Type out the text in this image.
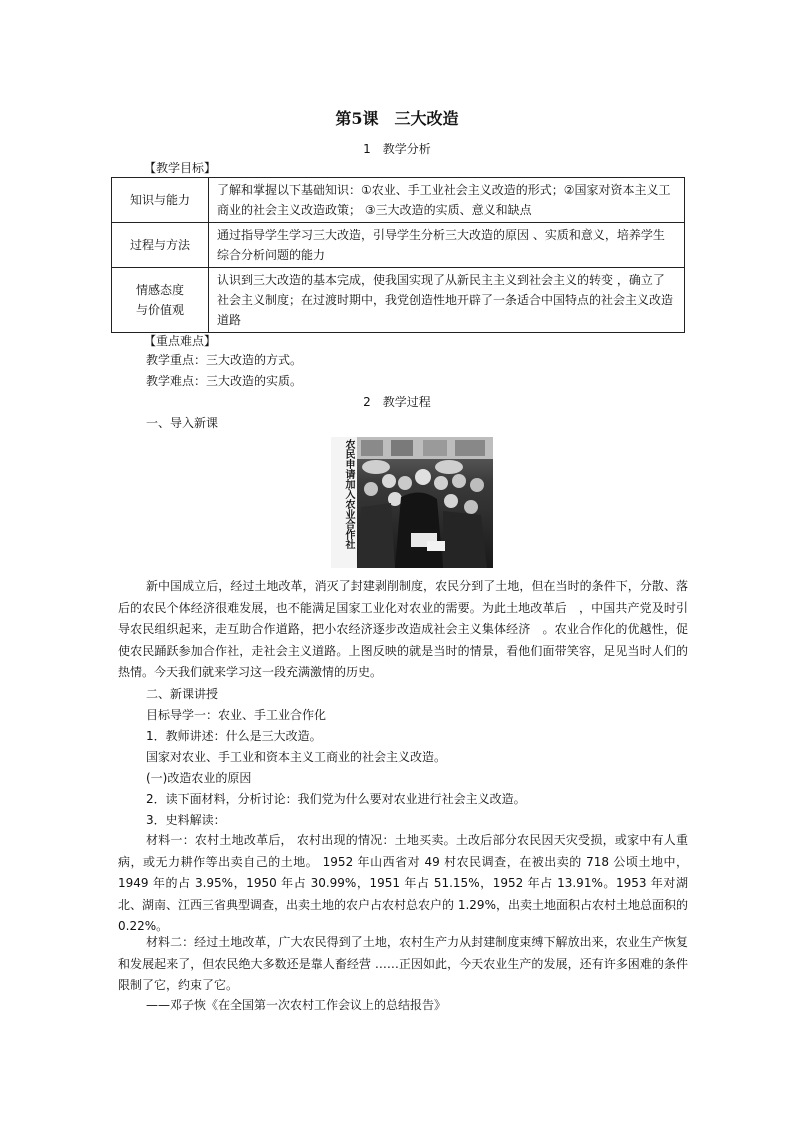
第5课　三大改造
1　教学分析
【教学目标】
知识与能力	了解和掌握以下基础知识：①农业、手工业社会主义改造的形式；②国家对资本主义工商业的社会主义改造政策； ③三大改造的实质、意义和缺点

过程与方法	通过指导学生学习三大改造，引导学生分析三大改造的原因 、实质和意义，培养学生综合分析问题的能力

情感态度
与价值观	认识到三大改造的基本完成，使我国实现了从新民主主义到社会主义的转变 ，确立了社会主义制度；在过渡时期中，我党创造性地开辟了一条适合中国特点的社会主义改造道路
【重点难点】
教学重点：三大改造的方式。
教学难点：三大改造的实质。
2　教学过程
一、导入新课
农民申请加入农业合作社

新中国成立后，经过土地改革，消灭了封建剥削制度，农民分到了土地，但在当时的条件下，分散、落后的农民个体经济很难发展，也不能满足国家工业化对农业的需要。为此土地改革后　，中国共产党及时引导农民组织起来，走互助合作道路，把小农经济逐步改造成社会主义集体经济　。农业合作化的优越性，促使农民踊跃参加合作社，走社会主义道路。上图反映的就是当时的情景，看他们面带笑容，足见当时人们的热情。今天我们就来学习这一段充满激情的历史。

二、新课讲授
目标导学一：农业、手工业合作化
1．教师讲述：什么是三大改造。
国家对农业、手工业和资本主义工商业的社会主义改造。
(一)改造农业的原因
2．读下面材料，分析讨论：我们党为什么要对农业进行社会主义改造。
3．史料解读：

材料一：农村土地改革后， 农村出现的情况：土地买卖。土改后部分农民因天灾受损，或家中有人重病，或无力耕作等出卖自己的土地。 1952 年山西省对 49 村农民调查，在被出卖的 718 公顷土地中，1949 年的占 3.95%，1950 年占 30.99%，1951 年占 51.15%，1952 年占 13.91%。1953 年对湖北、湖南、江西三省典型调查，出卖土地的农户占农村总农户的 1.29%，出卖土地面积占农村土地总面积的 0.22%。

材料二：经过土地改革，广大农民得到了土地，农村生产力从封建制度束缚下解放出来，农业生产恢复和发展起来了，但农民绝大多数还是靠人畜经营 ……正因如此，今天农业生产的发展，还有许多困难的条件限制了它，约束了它。

——邓子恢《在全国第一次农村工作会议上的总结报告》
